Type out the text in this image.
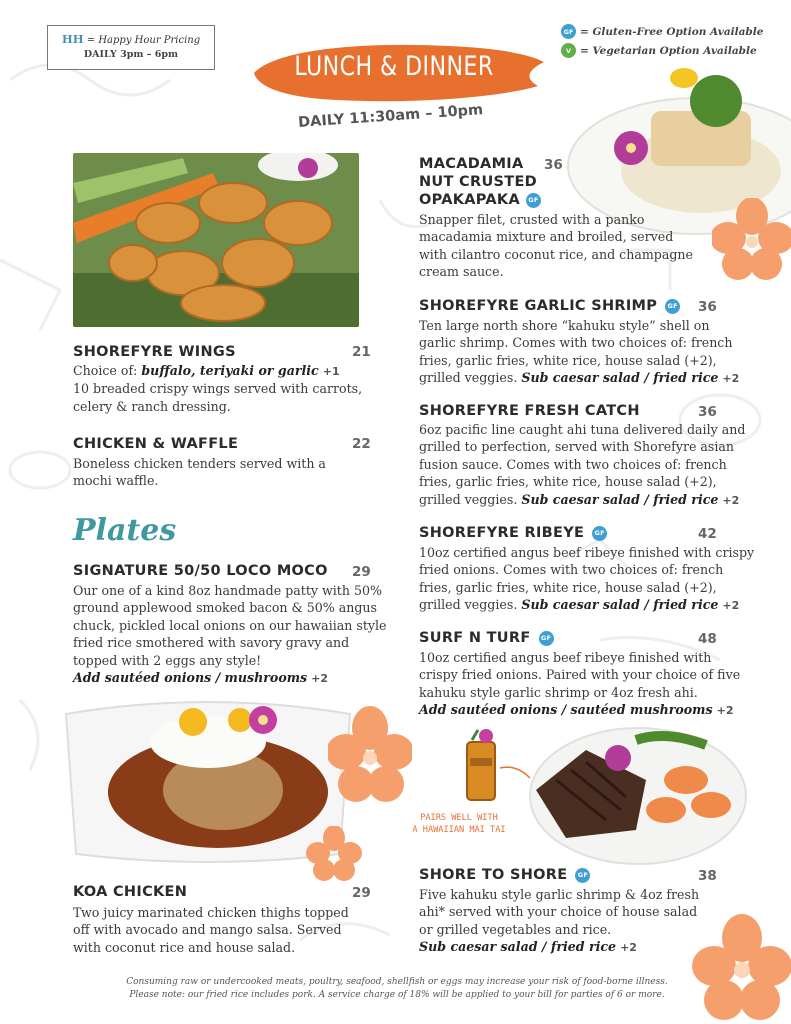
HH = Happy Hour Pricing
DAILY 3pm – 6pm
GF = Gluten-Free Option Available
V = Vegetarian Option Available
LUNCH & DINNER
DAILY 11:30am – 10pm
SHOREFYRE WINGS	21
Choice of: buffalo, teriyaki or garlic +1
10 breaded crispy wings served with carrots, celery & ranch dressing.
CHICKEN & WAFFLE	22
Boneless chicken tenders served with a mochi waffle.
Plates
SIGNATURE 50/50 LOCO MOCO 29
Our one of a kind 8oz handmade patty with 50% ground applewood smoked bacon & 50% angus chuck, pickled local onions on our hawaiian style fried rice smothered with savory gravy and topped with 2 eggs any style!
Add sautéed onions / mushrooms +2
KOA CHICKEN	29
Two juicy marinated chicken thighs topped off with avocado and mango salsa. Served with coconut rice and house salad.
MACADAMIA 36
NUT CRUSTED
OPAKAPAKA	GF
Snapper filet, crusted with a panko macadamia mixture and broiled, served with cilantro coconut rice, and champagne cream sauce.
SHOREFYRE GARLIC SHRIMP	GF 36
Ten large north shore “kahuku style” shell on garlic shrimp. Comes with two choices of: french fries, garlic fries, white rice, house salad (+2), grilled veggies. Sub caesar salad / fried rice +2
SHOREFYRE FRESH CATCH	36
6oz pacific line caught ahi tuna delivered daily and grilled to perfection, served with Shorefyre asian fusion sauce. Comes with two choices of: french fries, garlic fries, white rice, house salad (+2), grilled veggies. Sub caesar salad / fried rice +2
SHOREFYRE RIBEYE	GF	42
10oz certified angus beef ribeye finished with crispy fried onions. Comes with two choices of: french fries, garlic fries, white rice, house salad (+2), grilled veggies. Sub caesar salad / fried rice +2
SURF N TURF	GF	48
10oz certified angus beef ribeye finished with crispy fried onions. Paired with your choice of five kahuku style garlic shrimp or 4oz fresh ahi.
Add sautéed onions / sautéed mushrooms +2
PAIRS WELL WITH
A HAWAIIAN MAI TAI
SHORE TO SHORE	GF	38
Five kahuku style garlic shrimp & 4oz fresh ahi* served with your choice of house salad or grilled vegetables and rice.
Sub caesar salad / fried rice +2
Consuming raw or undercooked meats, poultry, seafood, shellfish or eggs may increase your risk of food-borne illness. Please note: our fried rice includes pork. A service charge of 18% will be applied to your bill for parties of 6 or more.
